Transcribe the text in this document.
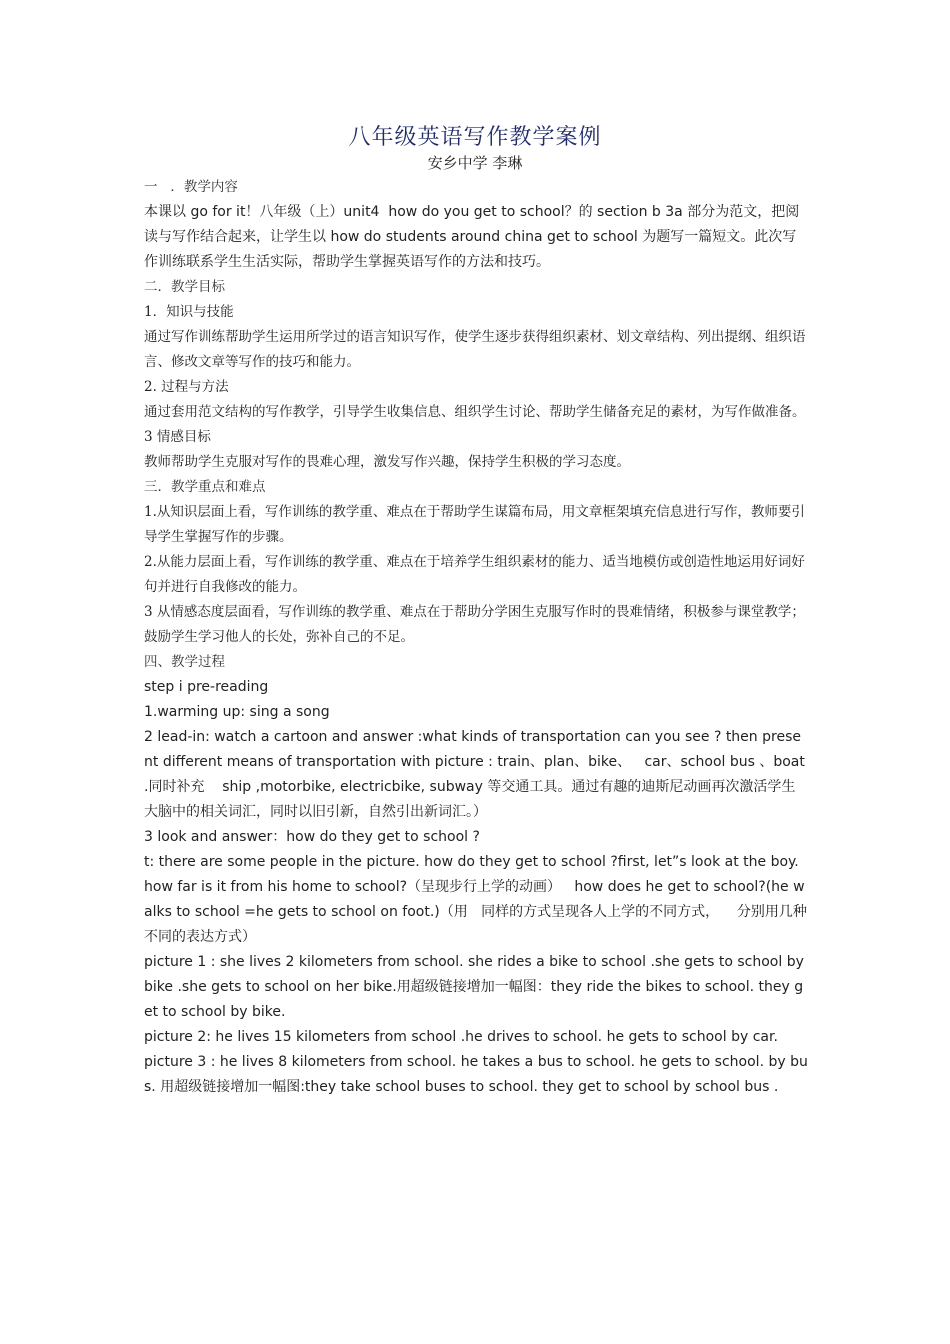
八年级英语写作教学案例
安乡中学 李琳
一   ．教学内容
本课以 go for it！八年级（上）unit4  how do you get to school？的 section b 3a 部分为范文，把阅读与写作结合起来，让学生以 how do students around china get to school 为题写一篇短文。此次写作训练联系学生生活实际，帮助学生掌握英语写作的方法和技巧。
二．教学目标
1．知识与技能
通过写作训练帮助学生运用所学过的语言知识写作，使学生逐步获得组织素材、划文章结构、列出提纲、组织语言、修改文章等写作的技巧和能力。
2. 过程与方法
通过套用范文结构的写作教学，引导学生收集信息、组织学生讨论、帮助学生储备充足的素材，为写作做准备。
3 情感目标
教师帮助学生克服对写作的畏难心理，激发写作兴趣，保持学生积极的学习态度。
三．教学重点和难点
1.从知识层面上看，写作训练的教学重、难点在于帮助学生谋篇布局，用文章框架填充信息进行写作，教师要引导学生掌握写作的步骤。
2.从能力层面上看，写作训练的教学重、难点在于培养学生组织素材的能力、适当地模仿或创造性地运用好词好句并进行自我修改的能力。
3 从情感态度层面看，写作训练的教学重、难点在于帮助分学困生克服写作时的畏难情绪，积极参与课堂教学；鼓励学生学习他人的长处，弥补自己的不足。
四、教学过程
step ⅰ pre-reading
1.warming up: sing a song
2 lead-in: watch a cartoon and answer :what kinds of transportation can you see ? then present different means of transportation with picture : train、plan、bike、   car、school bus 、boat .同时补充    ship ,motorbike, electricbike, subway 等交通工具。通过有趣的迪斯尼动画再次激活学生大脑中的相关词汇，同时以旧引新，自然引出新词汇。）
3 look and answer：how do they get to school ?
t: there are some people in the picture. how do they get to school ?first, let”s look at the boy. how far is it from his home to school?（呈现步行上学的动画）   how does he get to school?(he walks to school =he gets to school on foot.)（用   同样的方式呈现各人上学的不同方式，    分别用几种不同的表达方式）
picture 1 : she lives 2 kilometers from school. she rides a bike to school .she gets to school by bike .she gets to school on her bike.用超级链接增加一幅图：they ride the bikes to school. they get to school by bike.
picture 2: he lives 15 kilometers from school .he drives to school. he gets to school by car.
picture 3 : he lives 8 kilometers from school. he takes a bus to school. he gets to school. by bus. 用超级链接增加一幅图:they take school buses to school. they get to school by school bus .
